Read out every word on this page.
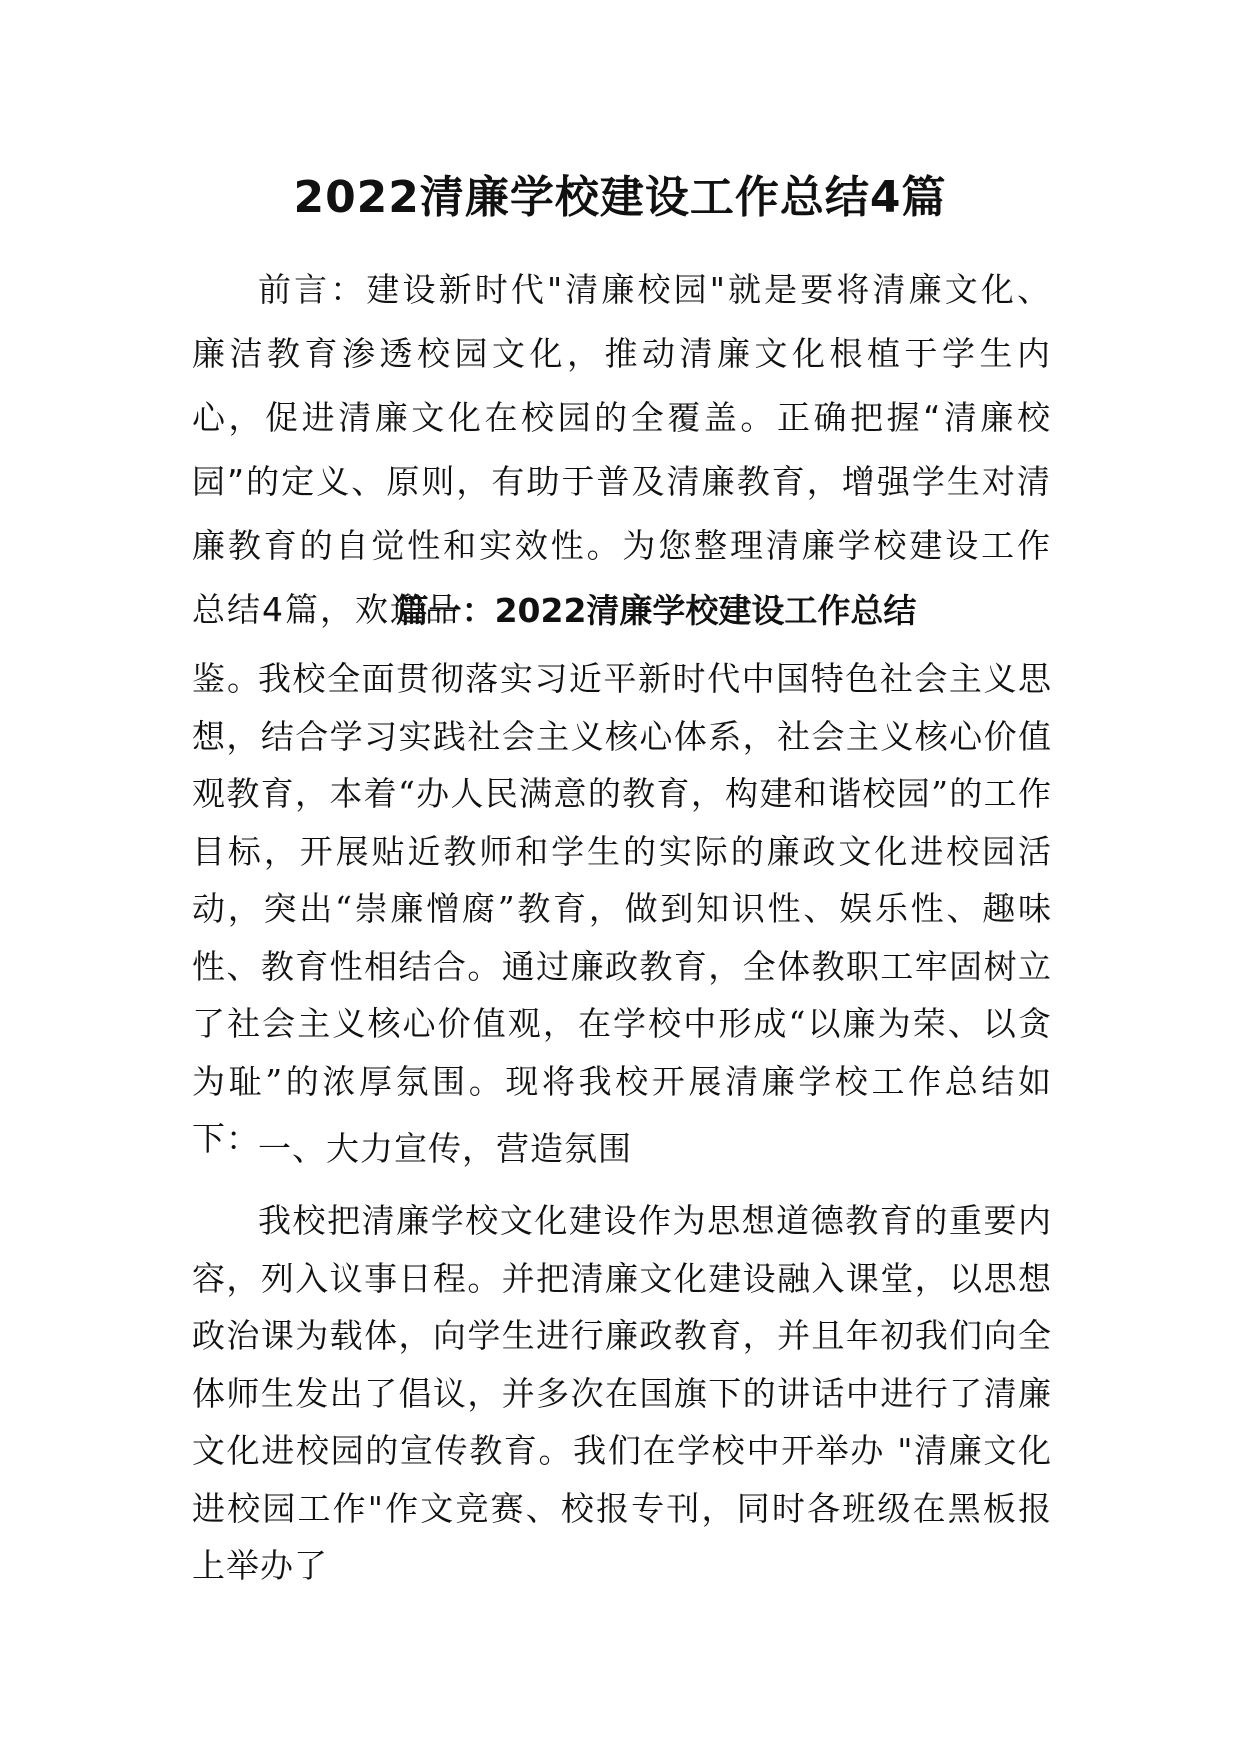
2022清廉学校建设工作总结4篇

前言：建设新时代"清廉校园"就是要将清廉文化、廉洁教育渗透校园文化，推动清廉文化根植于学生内心，促进清廉文化在校园的全覆盖。正确把握“清廉校园”的定义、原则，有助于普及清廉教育，增强学生对清廉教育的自觉性和实效性。为您整理清廉学校建设工作总结4篇，欢迎品
鉴。

篇一：2022清廉学校建设工作总结

我校全面贯彻落实习近平新时代中国特色社会主义思想，结合学习实践社会主义核心体系，社会主义核心价值观教育，本着“办人民满意的教育，构建和谐校园”的工作目标，开展贴近教师和学生的实际的廉政文化进校园活动，突出“崇廉憎腐”教育，做到知识性、娱乐性、趣味性、教育性相结合。通过廉政教育，全体教职工牢固树立了社会主义核心价值观，在学校中形成“以廉为荣、以贪为耻”的浓厚氛围。现将我校开展清廉学校工作总结如下：

一、大力宣传，营造氛围

我校把清廉学校文化建设作为思想道德教育的重要内容，列入议事日程。并把清廉文化建设融入课堂，以思想政治课为载体，向学生进行廉政教育，并且年初我们向全体师生发出了倡议，并多次在国旗下的讲话中进行了清廉文化进校园的宣传教育。我们在学校中开举办 "清廉文化进校园工作"作文竞赛、校报专刊，同时各班级在黑板报上举办了
